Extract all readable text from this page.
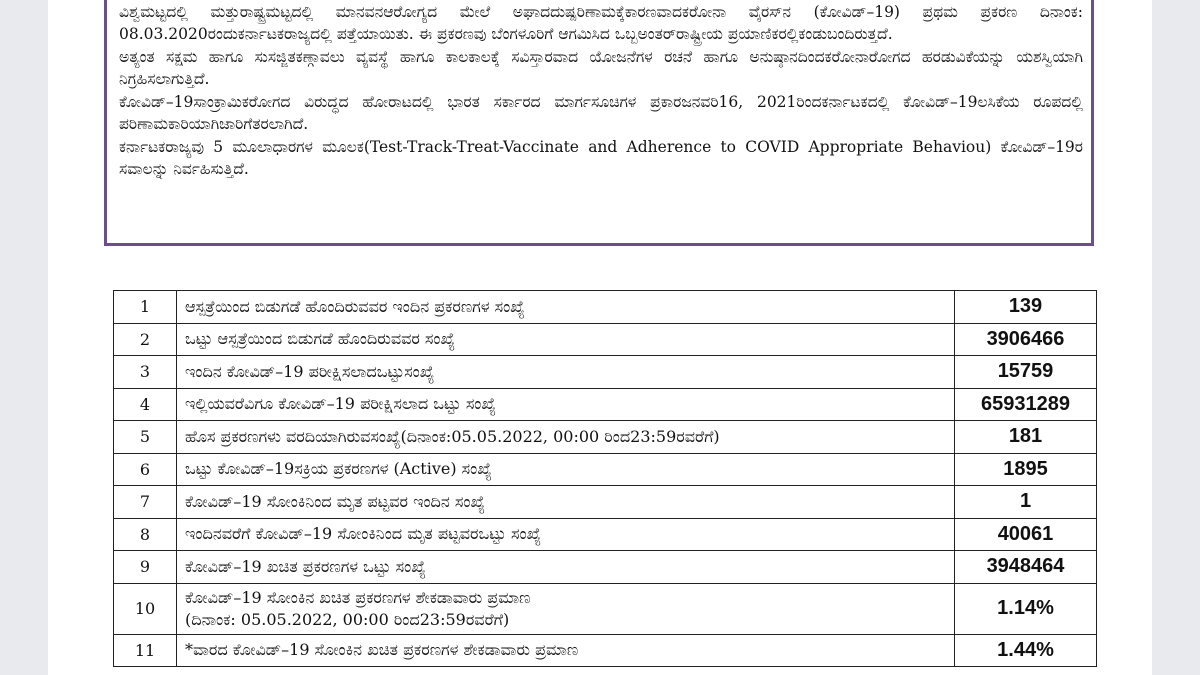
ವಿಶ್ವಮಟ್ಟದಲ್ಲಿ ಮತ್ತುರಾಷ್ಟ್ರಮಟ್ಟದಲ್ಲಿ ಮಾನವನಆರೋಗ್ಯದ ಮೇಲೆ ಅಘಾದದುಷ್ಪರಿಣಾಮಕ್ಕೆಕಾರಣವಾದಕರೋನಾ ವೈರಸ್‌ನ (ಕೋವಿಡ್‌–19) ಪ್ರಥಮ ಪ್ರಕರಣ ದಿನಾಂಕ: 08.03.2020ರಂದುಕರ್ನಾಟಕರಾಜ್ಯದಲ್ಲಿ ಪತ್ತೆಯಾಯಿತು. ಈ ಪ್ರಕರಣವು ಬೆಂಗಳೂರಿಗೆ ಆಗಮಿಸಿದ ಒಬ್ಬಅಂತರ್‌ರಾಷ್ಟ್ರೀಯ ಪ್ರಯಾಣಿಕರಲ್ಲಿಕಂಡುಬಂದಿರುತ್ತದೆ.

ಅತ್ಯಂತ ಸಕ್ಷಮ ಹಾಗೂ ಸುಸಜ್ಜಿತಕಣ್ಗಾವಲು ವ್ಯವಸ್ಥೆ ಹಾಗೂ ಕಾಲಕಾಲಕ್ಕೆ ಸವಿಸ್ತಾರವಾದ ಯೋಜನೆಗಳ ರಚನೆ ಹಾಗೂ ಅನುಷ್ಠಾನದಿಂದಕರೋನಾರೋಗದ ಹರಡುವಿಕೆಯನ್ನು ಯಶಸ್ವಿಯಾಗಿ ನಿಗ್ರಹಿಸಲಾಗುತ್ತಿದೆ.

ಕೋವಿಡ್‌–19ಸಾಂಕ್ರಾಮಿಕರೋಗದ ವಿರುದ್ಧದ ಹೋರಾಟದಲ್ಲಿ ಭಾರತ ಸರ್ಕಾರದ ಮಾರ್ಗಸೂಚಿಗಳ ಪ್ರಕಾರಜನವರಿ16, 2021ರಿಂದಕರ್ನಾಟಕದಲ್ಲಿ ಕೋವಿಡ್‌–19ಲಸಿಕೆಯ ರೂಪದಲ್ಲಿ ಪರಿಣಾಮಕಾರಿಯಾಗಿಜಾರಿಗೆತರಲಾಗಿದೆ.

ಕರ್ನಾಟಕರಾಜ್ಯವು 5 ಮೂಲಾಧಾರಗಳ ಮೂಲಕ(Test-Track-Treat-Vaccinate and Adherence to COVID Appropriate Behaviou) ಕೋವಿಡ್‌–19ರ ಸವಾಲನ್ನು ನಿರ್ವಹಿಸುತ್ತಿದೆ.

1	ಆಸ್ಪತ್ರೆಯಿಂದ ಬಿಡುಗಡೆ ಹೊಂದಿರುವವರ ಇಂದಿನ ಪ್ರಕರಣಗಳ ಸಂಖ್ಯೆ	139
2	ಒಟ್ಟು ಆಸ್ಪತ್ರೆಯಿಂದ ಬಿಡುಗಡೆ ಹೊಂದಿರುವವರ ಸಂಖ್ಯೆ	3906466
3	ಇಂದಿನ ಕೋವಿಡ್‌–19 ಪರೀಕ್ಷಿಸಲಾದಒಟ್ಟುಸಂಖ್ಯೆ	15759
4	ಇಲ್ಲಿಯವರೆವಿಗೂ ಕೋವಿಡ್‌–19 ಪರೀಕ್ಷಿಸಲಾದ ಒಟ್ಟು ಸಂಖ್ಯೆ	65931289
5	ಹೊಸ ಪ್ರಕರಣಗಳು ವರದಿಯಾಗಿರುವಸಂಖ್ಯೆ(ದಿನಾಂಕ:05.05.2022, 00:00 ರಿಂದ23:59ರವರೆಗೆ)	181
6	ಒಟ್ಟು ಕೋವಿಡ್‌–19ಸಕ್ರಿಯ ಪ್ರಕರಣಗಳ (Active) ಸಂಖ್ಯೆ	1895
7	ಕೋವಿಡ್‌–19 ಸೋಂಕಿನಿಂದ ಮೃತ ಪಟ್ಟವರ ಇಂದಿನ ಸಂಖ್ಯೆ	1
8	ಇಂದಿನವರೆಗೆ ಕೋವಿಡ್‌–19 ಸೋಂಕಿನಿಂದ ಮೃತ ಪಟ್ಟವರಒಟ್ಟು ಸಂಖ್ಯೆ	40061
9	ಕೋವಿಡ್‌–19 ಖಚಿತ ಪ್ರಕರಣಗಳ ಒಟ್ಟು ಸಂಖ್ಯೆ	3948464
10	ಕೋವಿಡ್‌–19 ಸೋಂಕಿನ ಖಚಿತ ಪ್ರಕರಣಗಳ ಶೇಕಡಾವಾರು ಪ್ರಮಾಣ
(ದಿನಾಂಕ: 05.05.2022, 00:00 ರಿಂದ23:59ರವರೆಗೆ)	1.14%
11	*ವಾರದ ಕೋವಿಡ್‌–19 ಸೋಂಕಿನ ಖಚಿತ ಪ್ರಕರಣಗಳ ಶೇಕಡಾವಾರು ಪ್ರಮಾಣ	1.44%
